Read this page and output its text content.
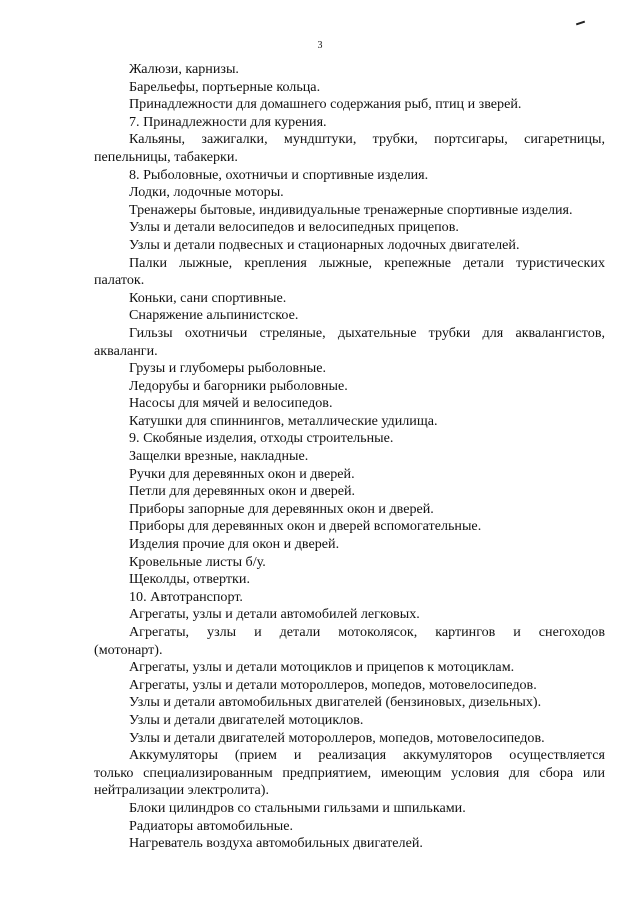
3

Жалюзи, карнизы.

Барельефы, портьерные кольца.

Принадлежности для домашнего содержания рыб, птиц и зверей.

7. Принадлежности для курения.

Кальяны, зажигалки, мундштуки, трубки, портсигары, сигаретницы,

пепельницы, табакерки.

8. Рыболовные, охотничьи и спортивные изделия.

Лодки, лодочные моторы.

Тренажеры бытовые, индивидуальные тренажерные спортивные изделия.

Узлы и детали велосипедов и велосипедных прицепов.

Узлы и детали подвесных и стационарных лодочных двигателей.

Палки лыжные, крепления лыжные, крепежные детали туристических

палаток.

Коньки, сани спортивные.

Снаряжение альпинистское.

Гильзы охотничьи стреляные, дыхательные трубки для аквалангистов,

акваланги.

Грузы и глубомеры рыболовные.

Ледорубы и багорники рыболовные.

Насосы для мячей и велосипедов.

Катушки для спиннингов, металлические удилища.

9. Скобяные изделия, отходы строительные.

Защелки врезные, накладные.

Ручки для деревянных окон и дверей.

Петли для деревянных окон и дверей.

Приборы запорные для деревянных окон и дверей.

Приборы для деревянных окон и дверей вспомогательные.

Изделия прочие для окон и дверей.

Кровельные листы б/у.

Щеколды, отвертки.

10. Автотранспорт.

Агрегаты, узлы и детали автомобилей легковых.

Агрегаты, узлы и детали мотоколясок, картингов и снегоходов

(мотонарт).

Агрегаты, узлы и детали мотоциклов и прицепов к мотоциклам.

Агрегаты, узлы и детали мотороллеров, мопедов, мотовелосипедов.

Узлы и детали автомобильных двигателей (бензиновых, дизельных).

Узлы и детали двигателей мотоциклов.

Узлы и детали двигателей мотороллеров, мопедов, мотовелосипедов.

Аккумуляторы (прием и реализация аккумуляторов осуществляется

только специализированным предприятием, имеющим условия для сбора или

нейтрализации электролита).

Блоки цилиндров со стальными гильзами и шпильками.

Радиаторы автомобильные.

Нагреватель воздуха автомобильных двигателей.
